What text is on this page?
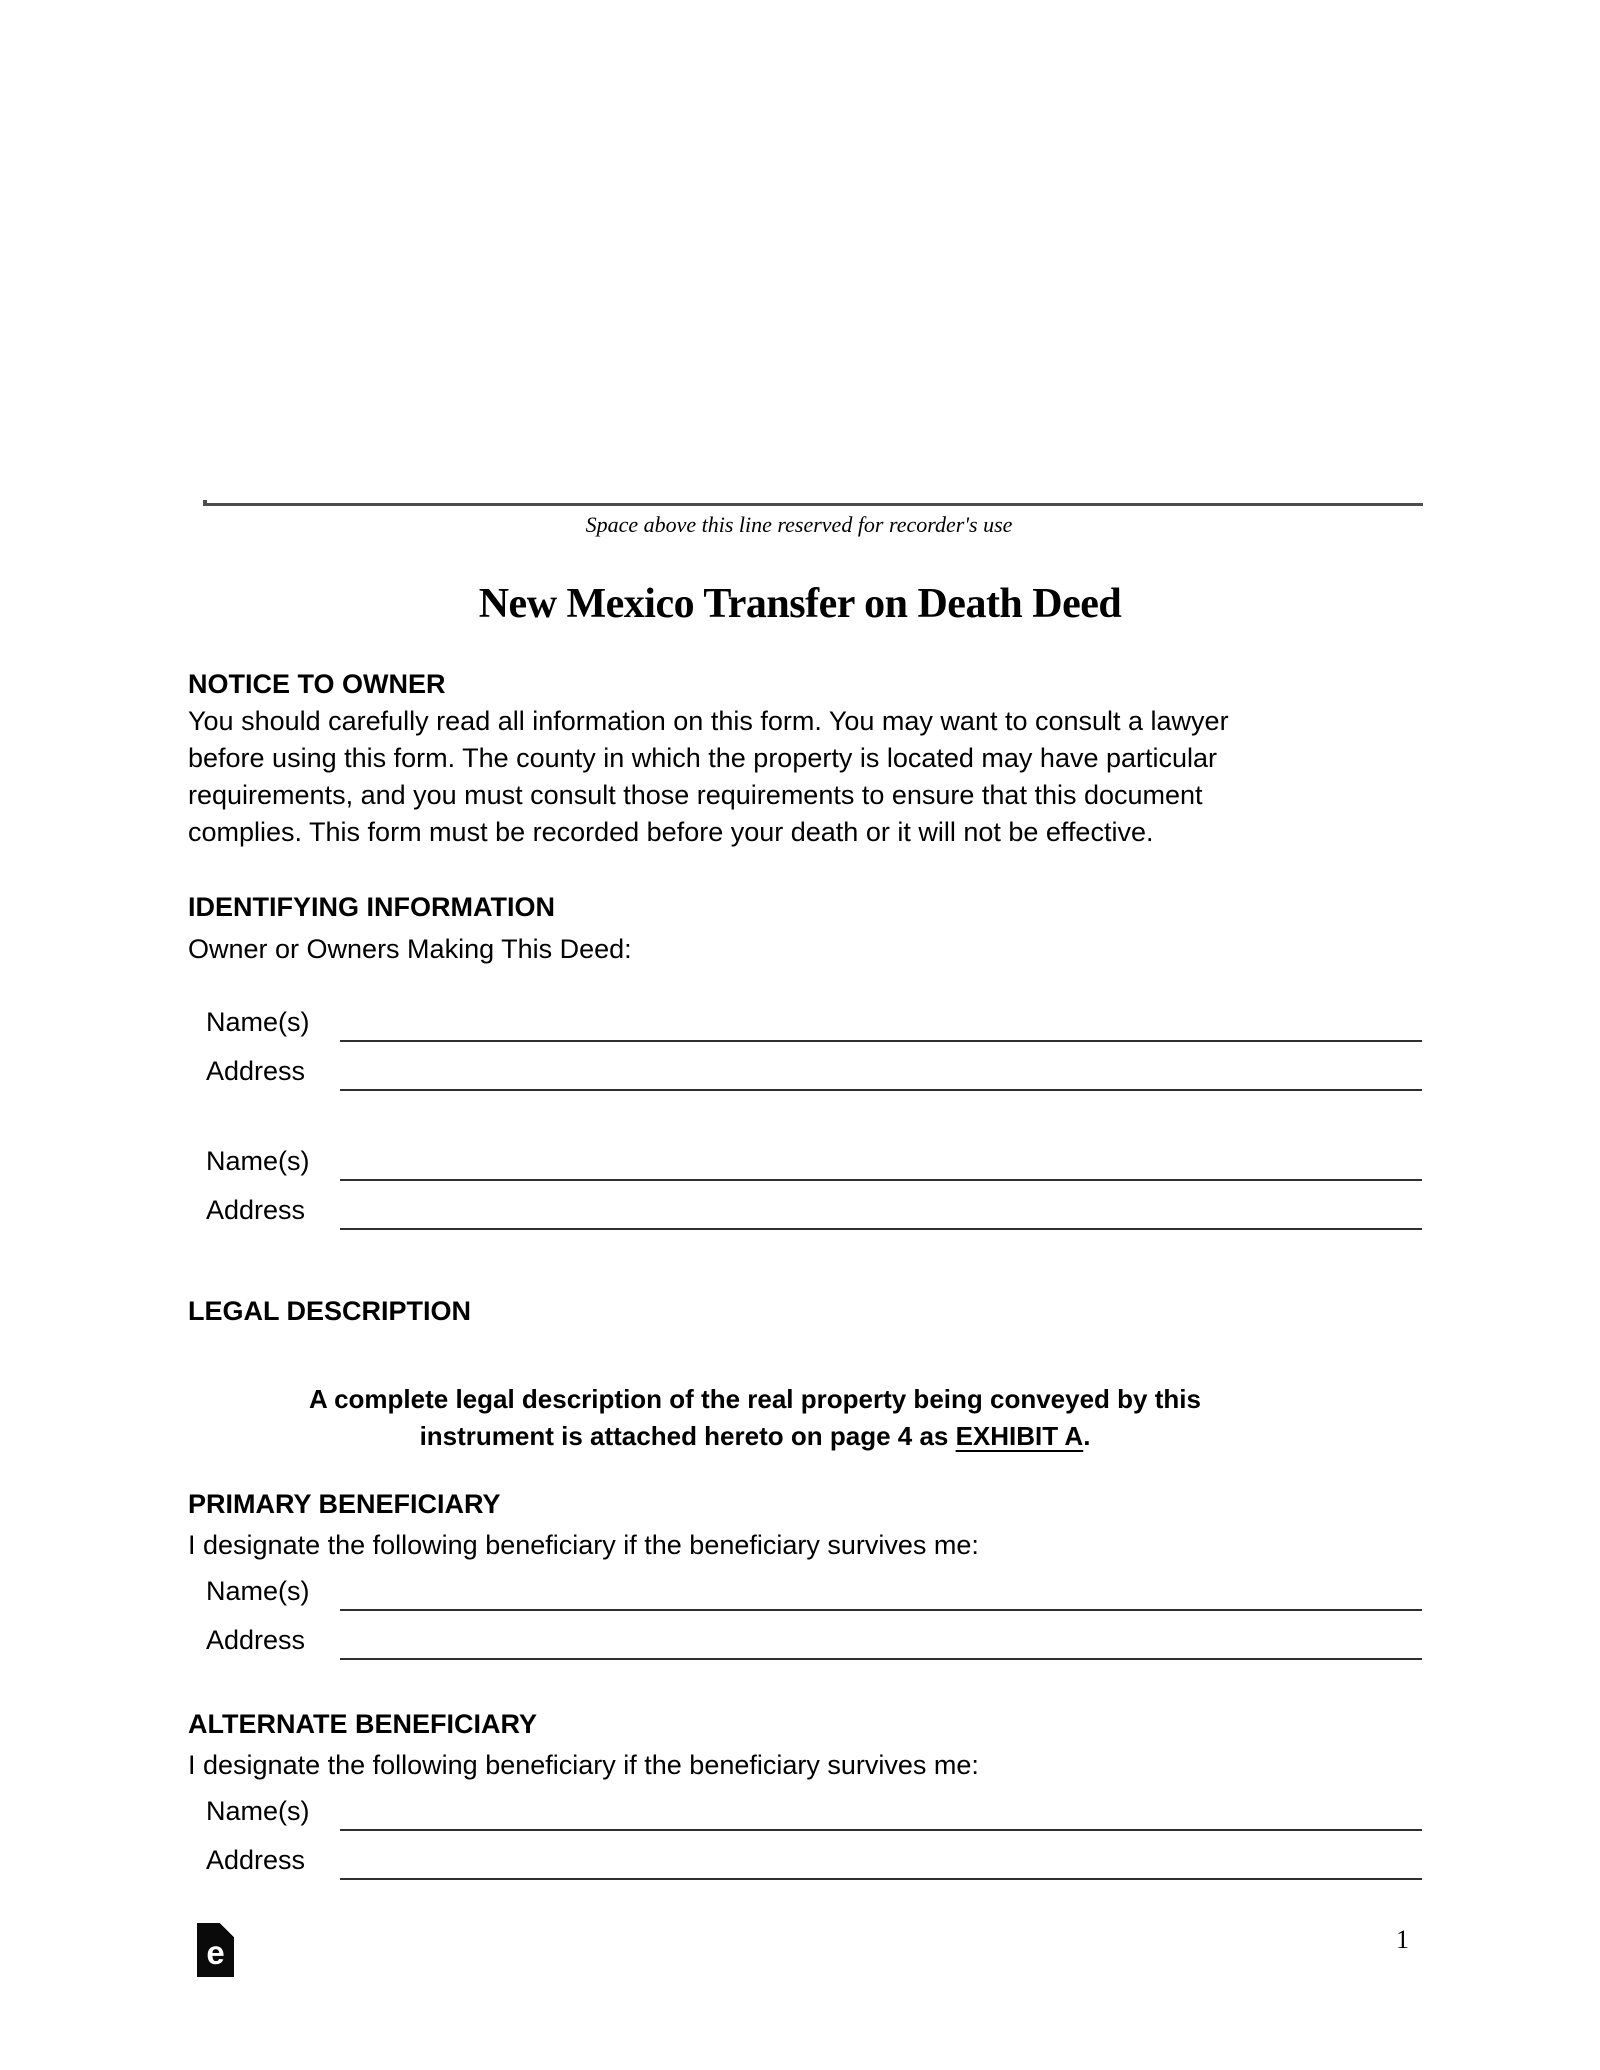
Space above this line reserved for recorder's use
New Mexico Transfer on Death Deed
NOTICE TO OWNER
You should carefully read all information on this form. You may want to consult a lawyer
before using this form. The county in which the property is located may have particular
requirements, and you must consult those requirements to ensure that this document
complies. This form must be recorded before your death or it will not be effective.
IDENTIFYING INFORMATION
Owner or Owners Making This Deed:
Name(s)
Address
Name(s)
Address
LEGAL DESCRIPTION
A complete legal description of the real property being conveyed by this
instrument is attached hereto on page 4 as EXHIBIT A.
PRIMARY BENEFICIARY
I designate the following beneficiary if the beneficiary survives me:
Name(s)
Address
ALTERNATE BENEFICIARY
I designate the following beneficiary if the beneficiary survives me:
Name(s)
Address
e	1
